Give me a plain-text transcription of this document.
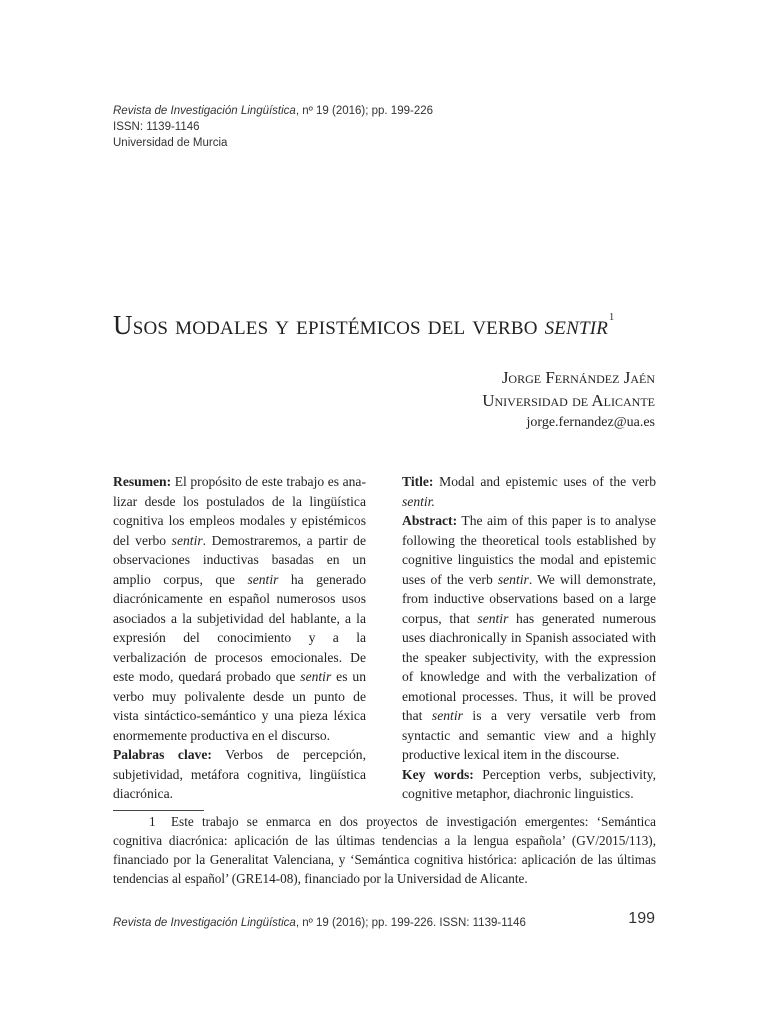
Revista de Investigación Lingüística, nº 19 (2016); pp. 199-226
ISSN: 1139-1146
Universidad de Murcia
Usos modales y epistémicos del verbo sentir$^1$
Jorge Fernández Jaén
Universidad de Alicante
jorge.fernandez@ua.es

Resumen: El propósito de este trabajo es analizar desde los postulados de la lingüística cognitiva los empleos modales y epistémicos del verbo sentir. Demostraremos, a partir de observaciones inductivas basadas en un amplio corpus, que sentir ha generado diacrónicamente en español numerosos usos asociados a la subjetividad del hablante, a la expresión del conocimiento y a la verbalización de procesos emocionales. De este modo, quedará probado que sentir es un verbo muy polivalente desde un punto de vista sintáctico-semántico y una pieza léxica enormemente productiva en el discurso.

Palabras clave: Verbos de percepción, subjetividad, metáfora cognitiva, lingüística diacrónica.

Title: Modal and epistemic uses of the verb sentir.

Abstract: The aim of this paper is to analyse following the theoretical tools established by cognitive linguistics the modal and epistemic uses of the verb sentir. We will demonstrate, from inductive observations based on a large corpus, that sentir has generated numerous uses diachronically in Spanish associated with the speaker subjectivity, with the expression of knowledge and with the verbalization of emotional processes. Thus, it will be proved that sentir is a very versatile verb from syntactic and semantic view and a highly productive lexical item in the discourse.

Key words: Perception verbs, subjectivity, cognitive metaphor, diachronic linguistics.

1 Este trabajo se enmarca en dos proyectos de investigación emergentes: ‘Semántica cognitiva diacrónica: aplicación de las últimas tendencias a la lengua española’ (GV/2015/113), financiado por la Generalitat Valenciana, y ‘Semántica cognitiva histórica: aplicación de las últimas tendencias al español’ (GRE14-08), financiado por la Universidad de Alicante.
Revista de Investigación Lingüística, nº 19 (2016); pp. 199-226. ISSN: 1139-1146	199
